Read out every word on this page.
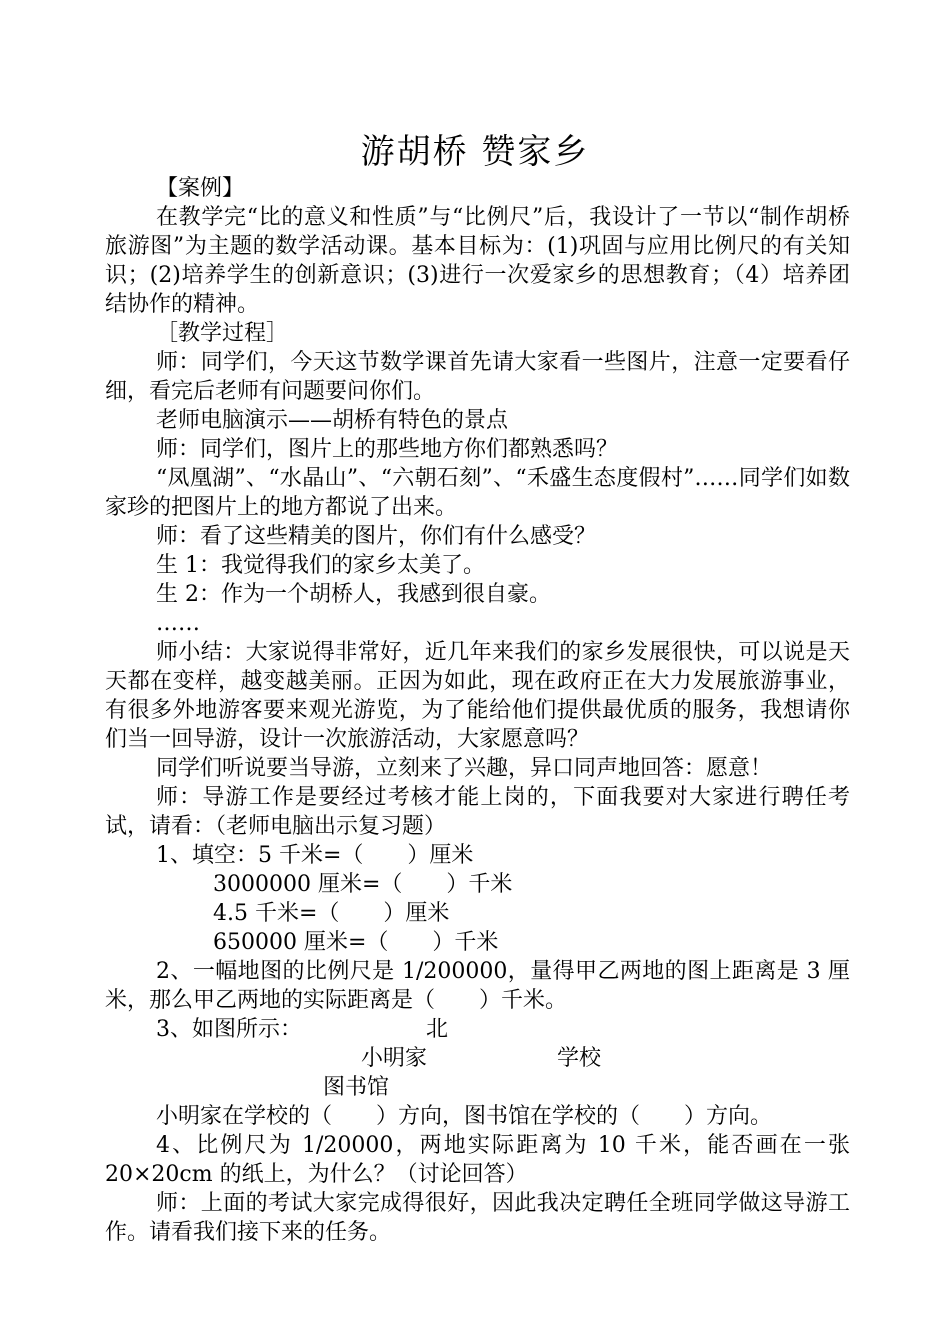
游胡桥 赞家乡

【案例】

在教学完“比的意义和性质”与“比例尺”后，我设计了一节以“制作胡桥旅游图”为主题的数学活动课。基本目标为：(1)巩固与应用比例尺的有关知识；(2)培养学生的创新意识；(3)进行一次爱家乡的思想教育；（4）培养团结协作的精神。

［教学过程］

师：同学们，今天这节数学课首先请大家看一些图片，注意一定要看仔细，看完后老师有问题要问你们。

老师电脑演示——胡桥有特色的景点

师：同学们，图片上的那些地方你们都熟悉吗？

“凤凰湖”、“水晶山”、“六朝石刻”、“禾盛生态度假村”……同学们如数家珍的把图片上的地方都说了出来。

师：看了这些精美的图片，你们有什么感受？

生 1：我觉得我们的家乡太美了。

生 2：作为一个胡桥人，我感到很自豪。

……

师小结：大家说得非常好，近几年来我们的家乡发展很快，可以说是天天都在变样，越变越美丽。正因为如此，现在政府正在大力发展旅游事业，有很多外地游客要来观光游览，为了能给他们提供最优质的服务，我想请你们当一回导游，设计一次旅游活动，大家愿意吗？

同学们听说要当导游，立刻来了兴趣，异口同声地回答：愿意！

师：导游工作是要经过考核才能上岗的，下面我要对大家进行聘任考试，请看：（老师电脑出示复习题）

1、填空：5 千米=（　　）厘米

3000000 厘米=（　　）千米

4.5 千米=（　　）厘米

650000 厘米=（　　）千米

2、一幅地图的比例尺是 1/200000，量得甲乙两地的图上距离是 3 厘米，那么甲乙两地的实际距离是（　　）千米。

3、如图所示：	北
小明家	学校
图书馆

小明家在学校的（　　）方向，图书馆在学校的（　　）方向。

4、比例尺为 1/20000，两地实际距离为 10 千米，能否画在一张 20×20cm 的纸上，为什么？（讨论回答）

师：上面的考试大家完成得很好，因此我决定聘任全班同学做这导游工作。请看我们接下来的任务。
